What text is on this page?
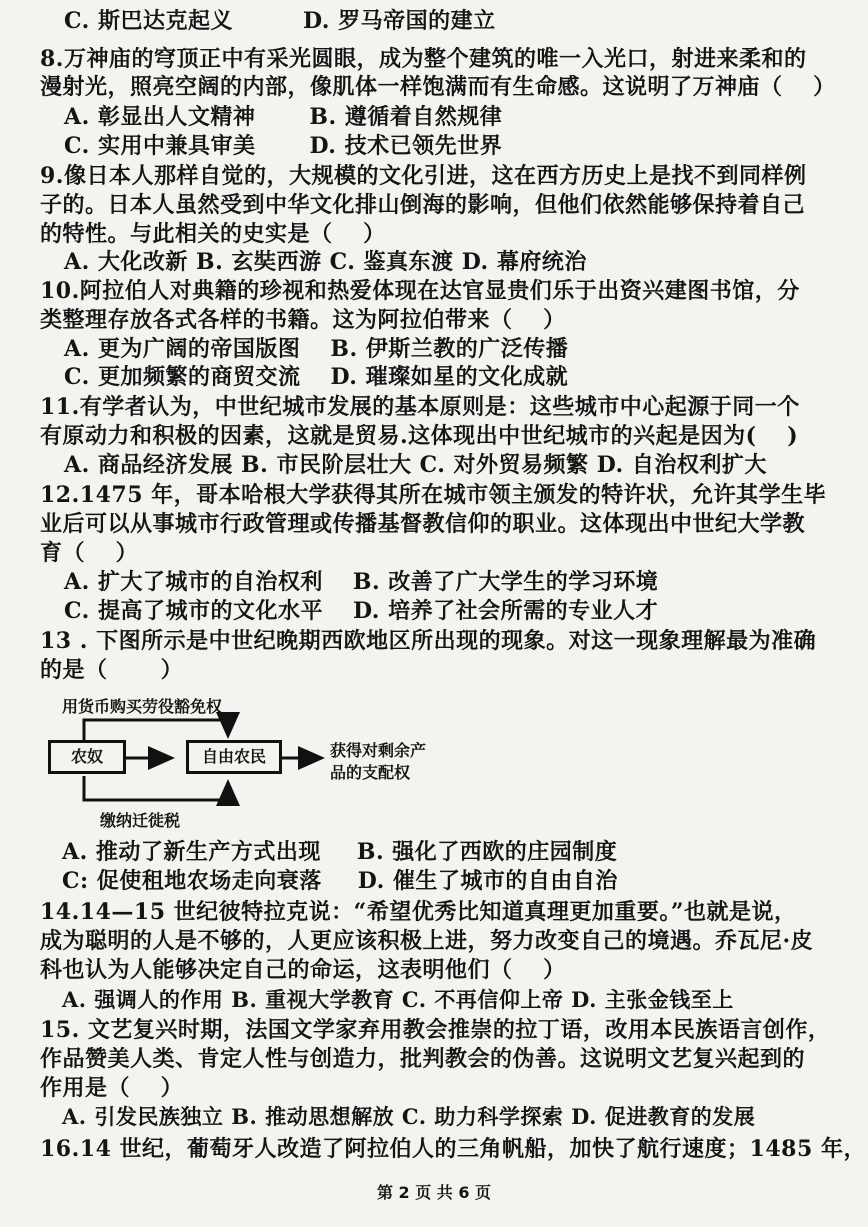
C. 斯巴达克起义	D. 罗马帝国的建立
8.万神庙的穹顶正中有采光圆眼，成为整个建筑的唯一入光口，射进来柔和的
漫射光，照亮空阔的内部，像肌体一样饱满而有生命感。这说明了万神庙（　 ）
A. 彰显出人文精神 B. 遵循着自然规律
C. 实用中兼具审美 D. 技术已领先世界
9.像日本人那样自觉的，大规模的文化引进，这在西方历史上是找不到同样例
子的。日本人虽然受到中华文化排山倒海的影响，但他们依然能够保持着自己
的特性。与此相关的史实是（　 ）
A. 大化改新 B. 玄奘西游 C. 鉴真东渡 D. 幕府统治
10.阿拉伯人对典籍的珍视和热爱体现在达官显贵们乐于出资兴建图书馆，分
类整理存放各式各样的书籍。这为阿拉伯带来（　 ）
A. 更为广阔的帝国版图 B. 伊斯兰教的广泛传播
C. 更加频繁的商贸交流 D. 璀璨如星的文化成就
11.有学者认为，中世纪城市发展的基本原则是：这些城市中心起源于同一个
有原动力和积极的因素，这就是贸易.这体现出中世纪城市的兴起是因为(　 )
A. 商品经济发展 B. 市民阶层壮大 C. 对外贸易频繁 D. 自治权利扩大
12.1475 年，哥本哈根大学获得其所在城市领主颁发的特许状，允许其学生毕
业后可以从事城市行政管理或传播基督教信仰的职业。这体现出中世纪大学教
育（　 ）
A. 扩大了城市的自治权利 B. 改善了广大学生的学习环境
C. 提高了城市的文化水平 D. 培养了社会所需的专业人才
13 . 下图所示是中世纪晚期西欧地区所出现的现象。对这一现象理解最为准确
的是（　　 ）
用货币购买劳役豁免权
农奴	自由农民	获得对剩余产
品的支配权
缴纳迁徙税
A. 推动了新生产方式出现 B. 强化了西欧的庄园制度
C: 促使租地农场走向衰落 D. 催生了城市的自由自治
14.14—15 世纪彼特拉克说：“希望优秀比知道真理更加重要。”也就是说，
成为聪明的人是不够的，人更应该积极上进，努力改变自己的境遇。乔瓦尼·皮
科也认为人能够决定自己的命运，这表明他们（　 ）
A. 强调人的作用 B. 重视大学教育 C. 不再信仰上帝 D. 主张金钱至上
15. 文艺复兴时期，法国文学家弃用教会推崇的拉丁语，改用本民族语言创作，
作品赞美人类、肯定人性与创造力，批判教会的伪善。这说明文艺复兴起到的
作用是（　 ）
A. 引发民族独立 B. 推动思想解放 C. 助力科学探索 D. 促进教育的发展
16.14 世纪，葡萄牙人改造了阿拉伯人的三角帆船，加快了航行速度；1485 年，
第 2 页 共 6 页
